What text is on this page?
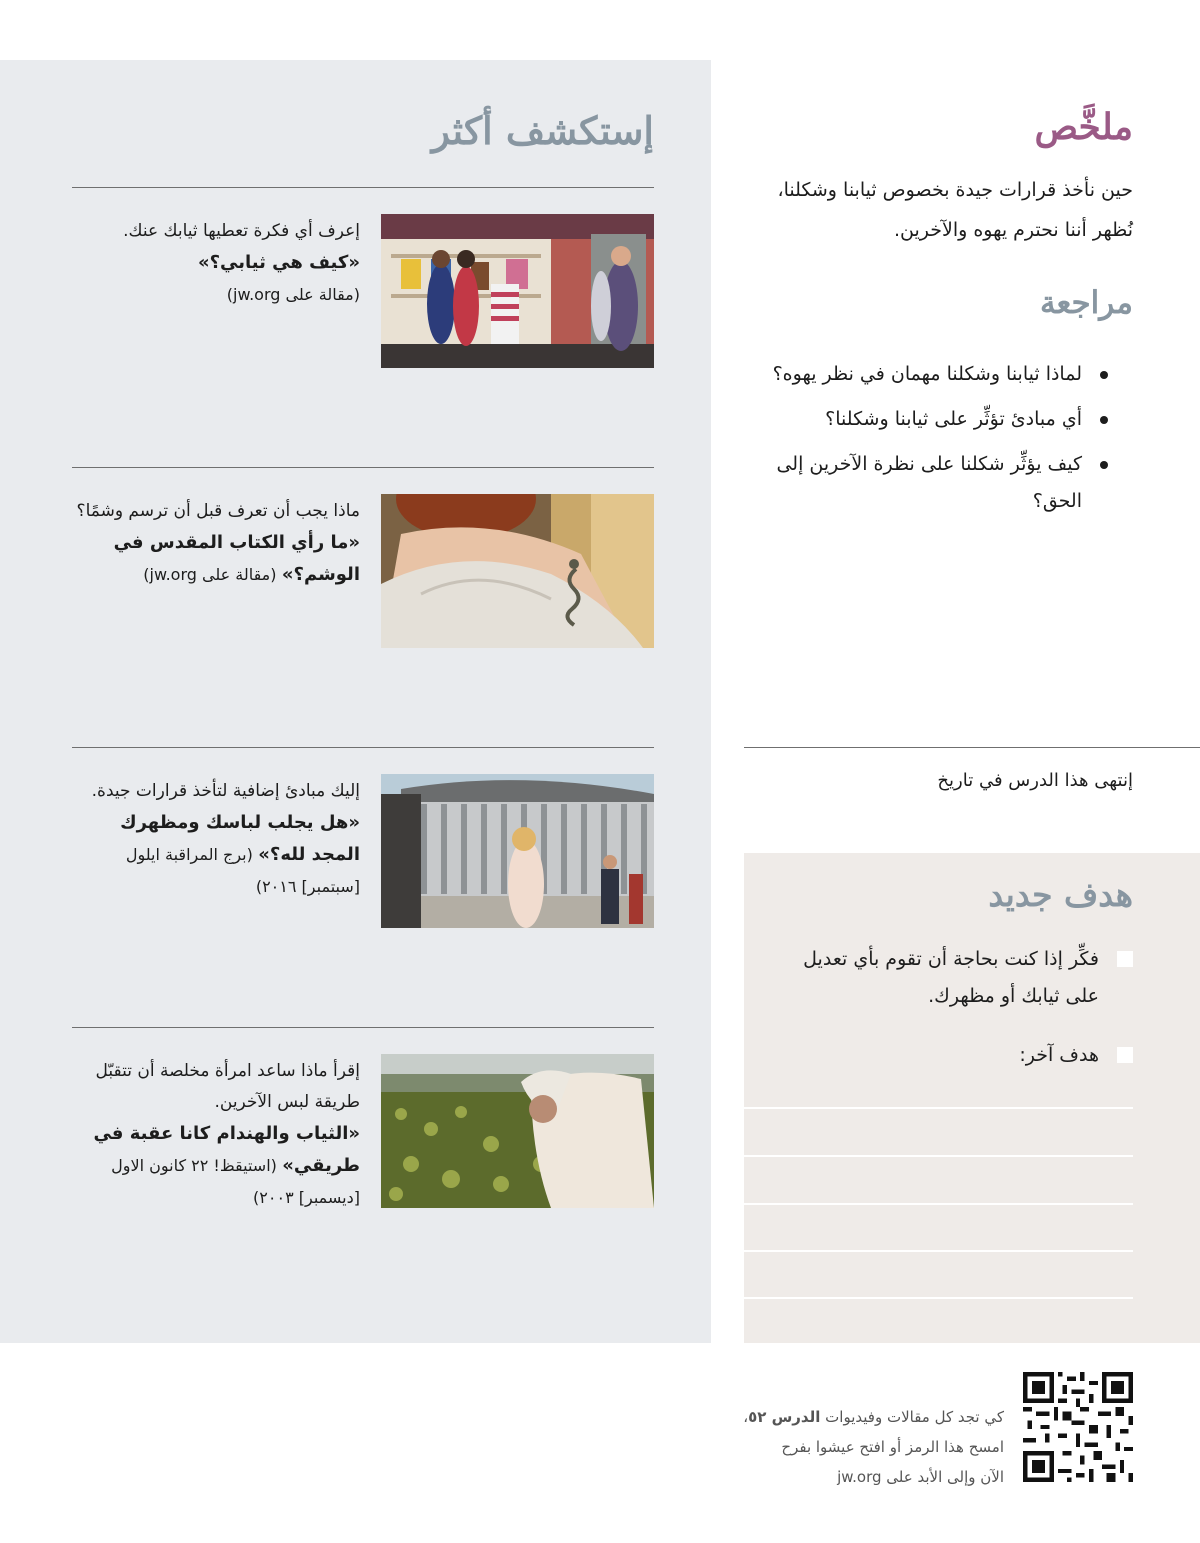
إستكشف أكثر
إعرف أي فكرة تعطيها ثيابك عنك.
«كيف هي ثيابي؟»
(مقالة على jw.org)
ماذا يجب أن تعرف قبل أن ترسم وشمًا؟
«ما رأي الكتاب المقدس في الوشم؟» (مقالة على jw.org)
إليك مبادئ إضافية لتأخذ قرارات جيدة.
«هل يجلب لباسك ومظهرك المجد لله؟» (برج المراقبة ايلول [سبتمبر] ٢٠١٦)
إقرأ ماذا ساعد امرأة مخلصة أن تتقبّل طريقة لبس الآخرين.
«الثياب والهندام كانا عقبة في طريقي» (استيقظ! ٢٢ كانون الاول [ديسمبر] ٢٠٠٣)
ملخَّص

حين نأخذ قرارات جيدة بخصوص ثيابنا وشكلنا، نُظهر أننا نحترم يهوه والآخرين.

مراجعة
لماذا ثيابنا وشكلنا مهمان في نظر يهوه؟
أي مبادئ تؤثِّر على ثيابنا وشكلنا؟
كيف يؤثِّر شكلنا على نظرة الآخرين إلى الحق؟

إنتهى هذا الدرس في تاريخ

هدف جديد
فكِّر إذا كنت بحاجة أن تقوم بأي تعديل على ثيابك أو مظهرك.
هدف آخر:

كي تجد كل مقالات وفيديوات الدرس ٥٢،
امسح هذا الرمز أو افتح عيشوا بفرح
الآن وإلى الأبد على jw.org
